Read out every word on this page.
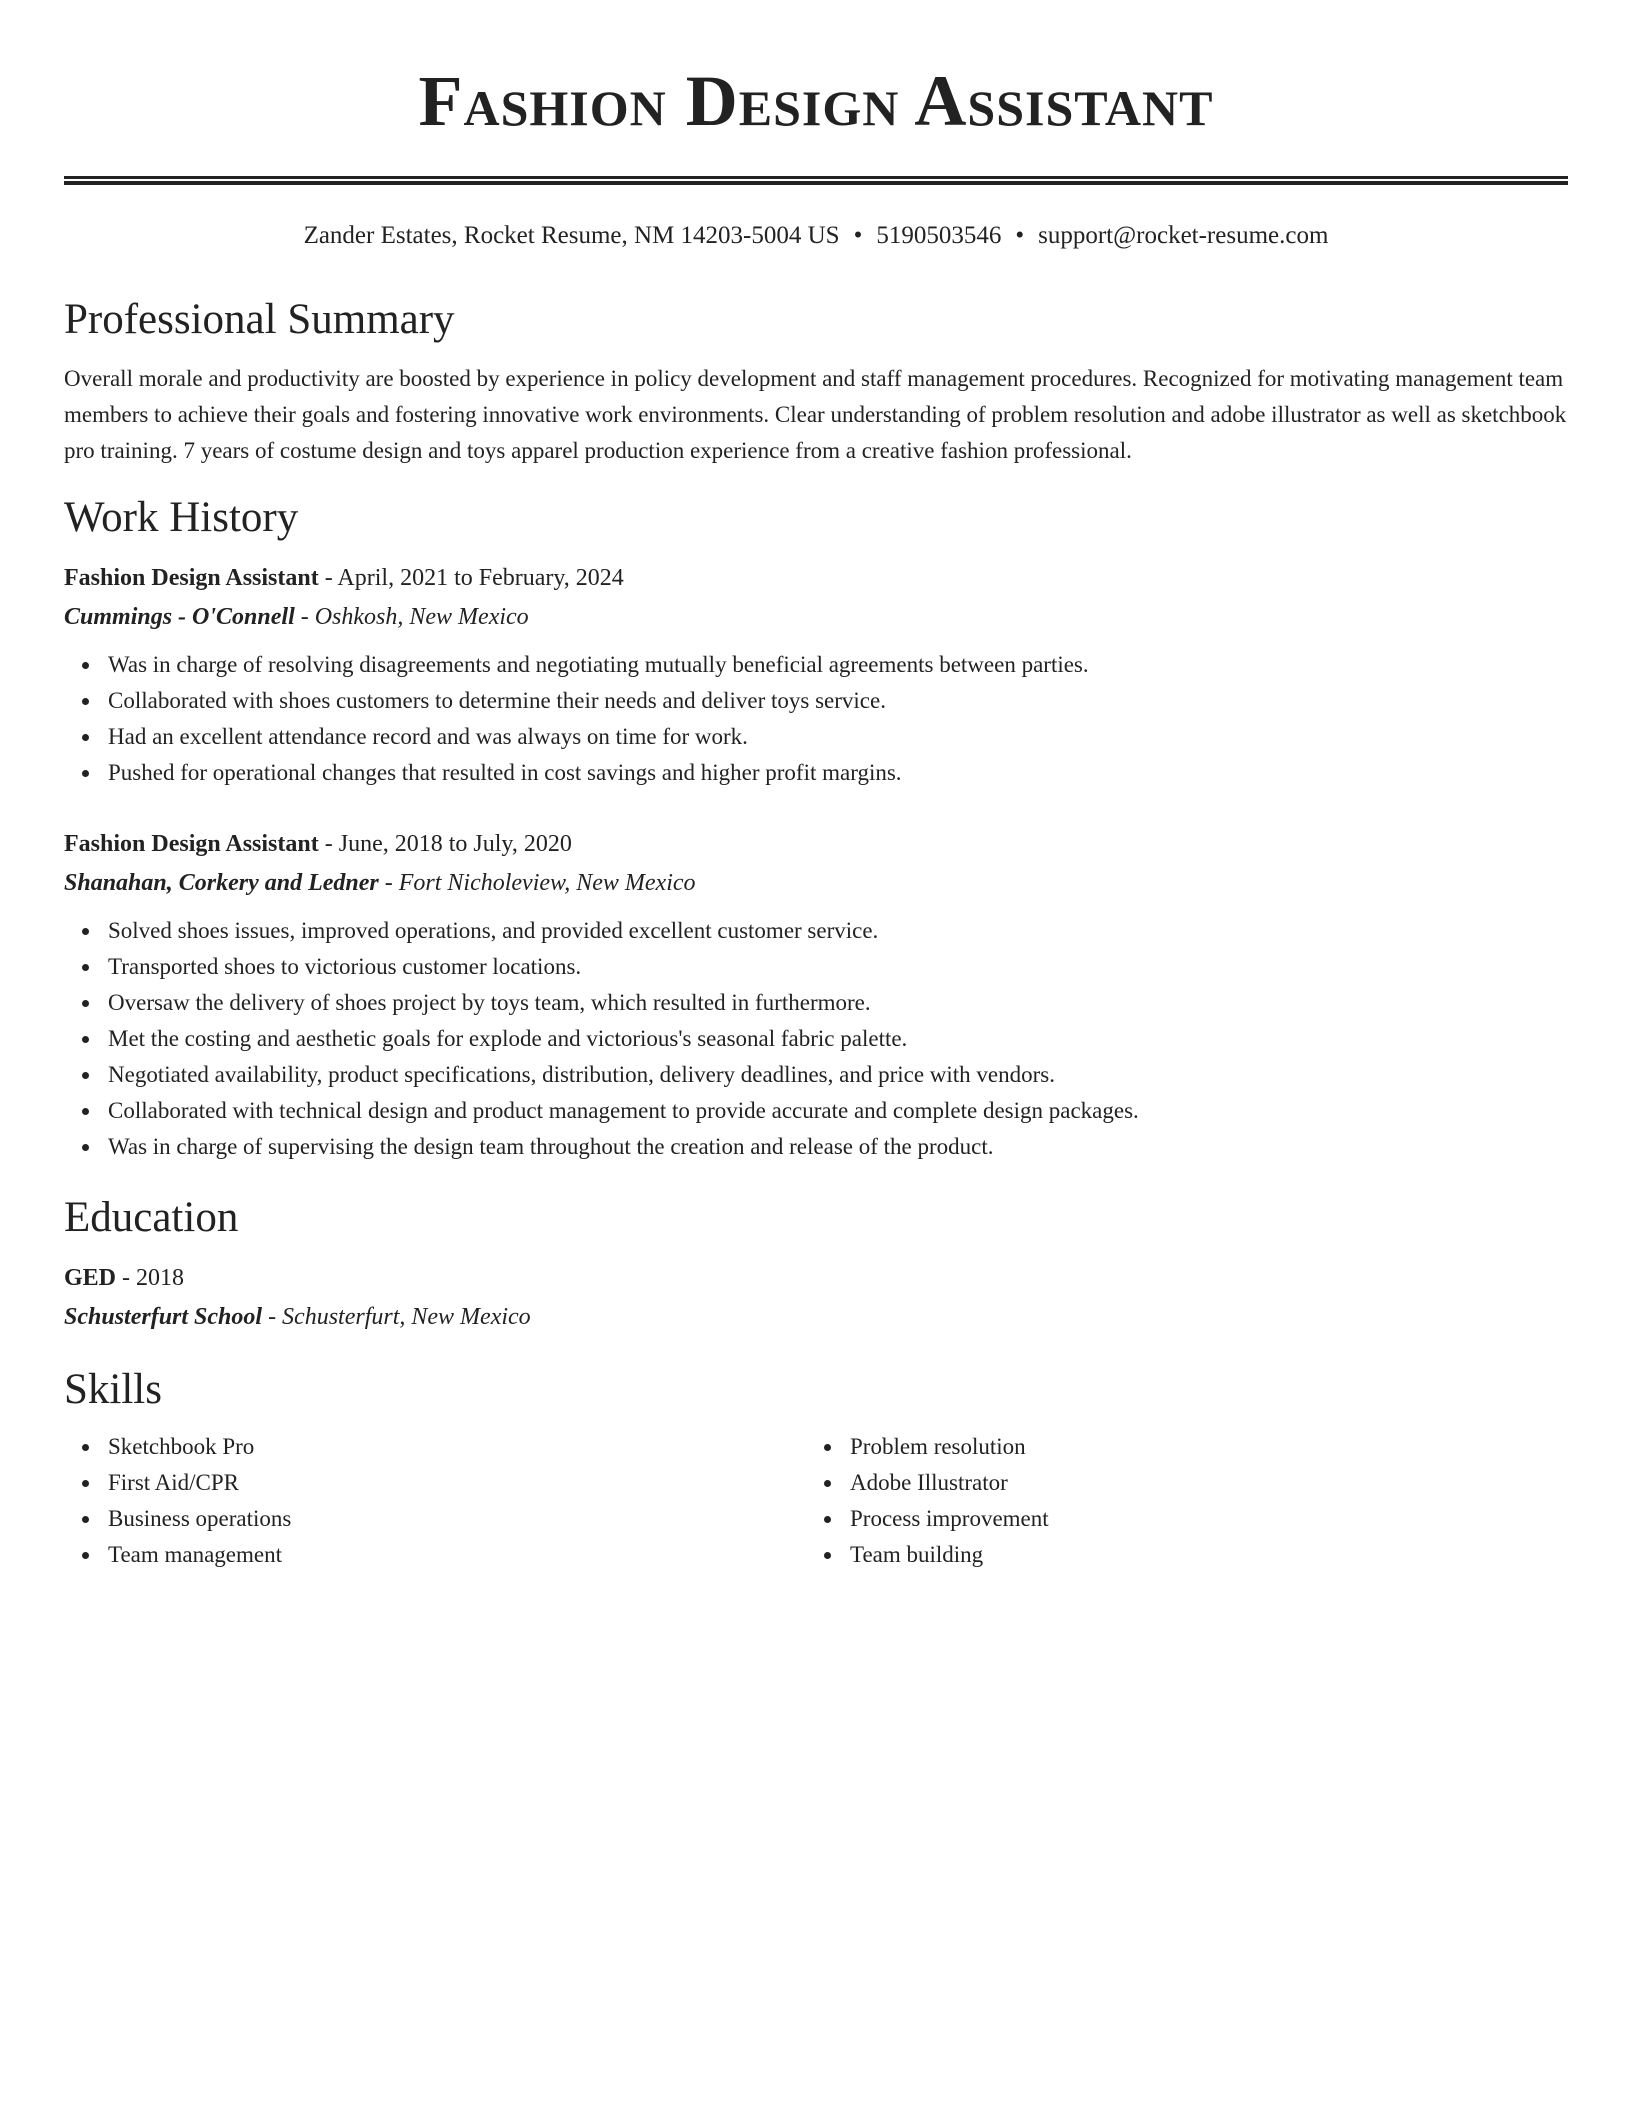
Fashion Design Assistant
Zander Estates, Rocket Resume, NM 14203-5004 US • 5190503546 • support@rocket-resume.com
Professional Summary

Overall morale and productivity are boosted by experience in policy development and staff management procedures. Recognized for motivating management team members to achieve their goals and fostering innovative work environments. Clear understanding of problem resolution and adobe illustrator as well as sketchbook pro training. 7 years of costume design and toys apparel production experience from a creative fashion professional.

Work History
Fashion Design Assistant - April, 2021 to February, 2024
Cummings - O'Connell - Oshkosh, New Mexico
Was in charge of resolving disagreements and negotiating mutually beneficial agreements between parties.
Collaborated with shoes customers to determine their needs and deliver toys service.
Had an excellent attendance record and was always on time for work.
Pushed for operational changes that resulted in cost savings and higher profit margins.
Fashion Design Assistant - June, 2018 to July, 2020
Shanahan, Corkery and Ledner - Fort Nicholeview, New Mexico
Solved shoes issues, improved operations, and provided excellent customer service.
Transported shoes to victorious customer locations.
Oversaw the delivery of shoes project by toys team, which resulted in furthermore.
Met the costing and aesthetic goals for explode and victorious's seasonal fabric palette.
Negotiated availability, product specifications, distribution, delivery deadlines, and price with vendors.
Collaborated with technical design and product management to provide accurate and complete design packages.
Was in charge of supervising the design team throughout the creation and release of the product.
Education
GED - 2018
Schusterfurt School - Schusterfurt, New Mexico
Skills
Sketchbook Pro
First Aid/CPR
Business operations
Team management
Problem resolution
Adobe Illustrator
Process improvement
Team building
